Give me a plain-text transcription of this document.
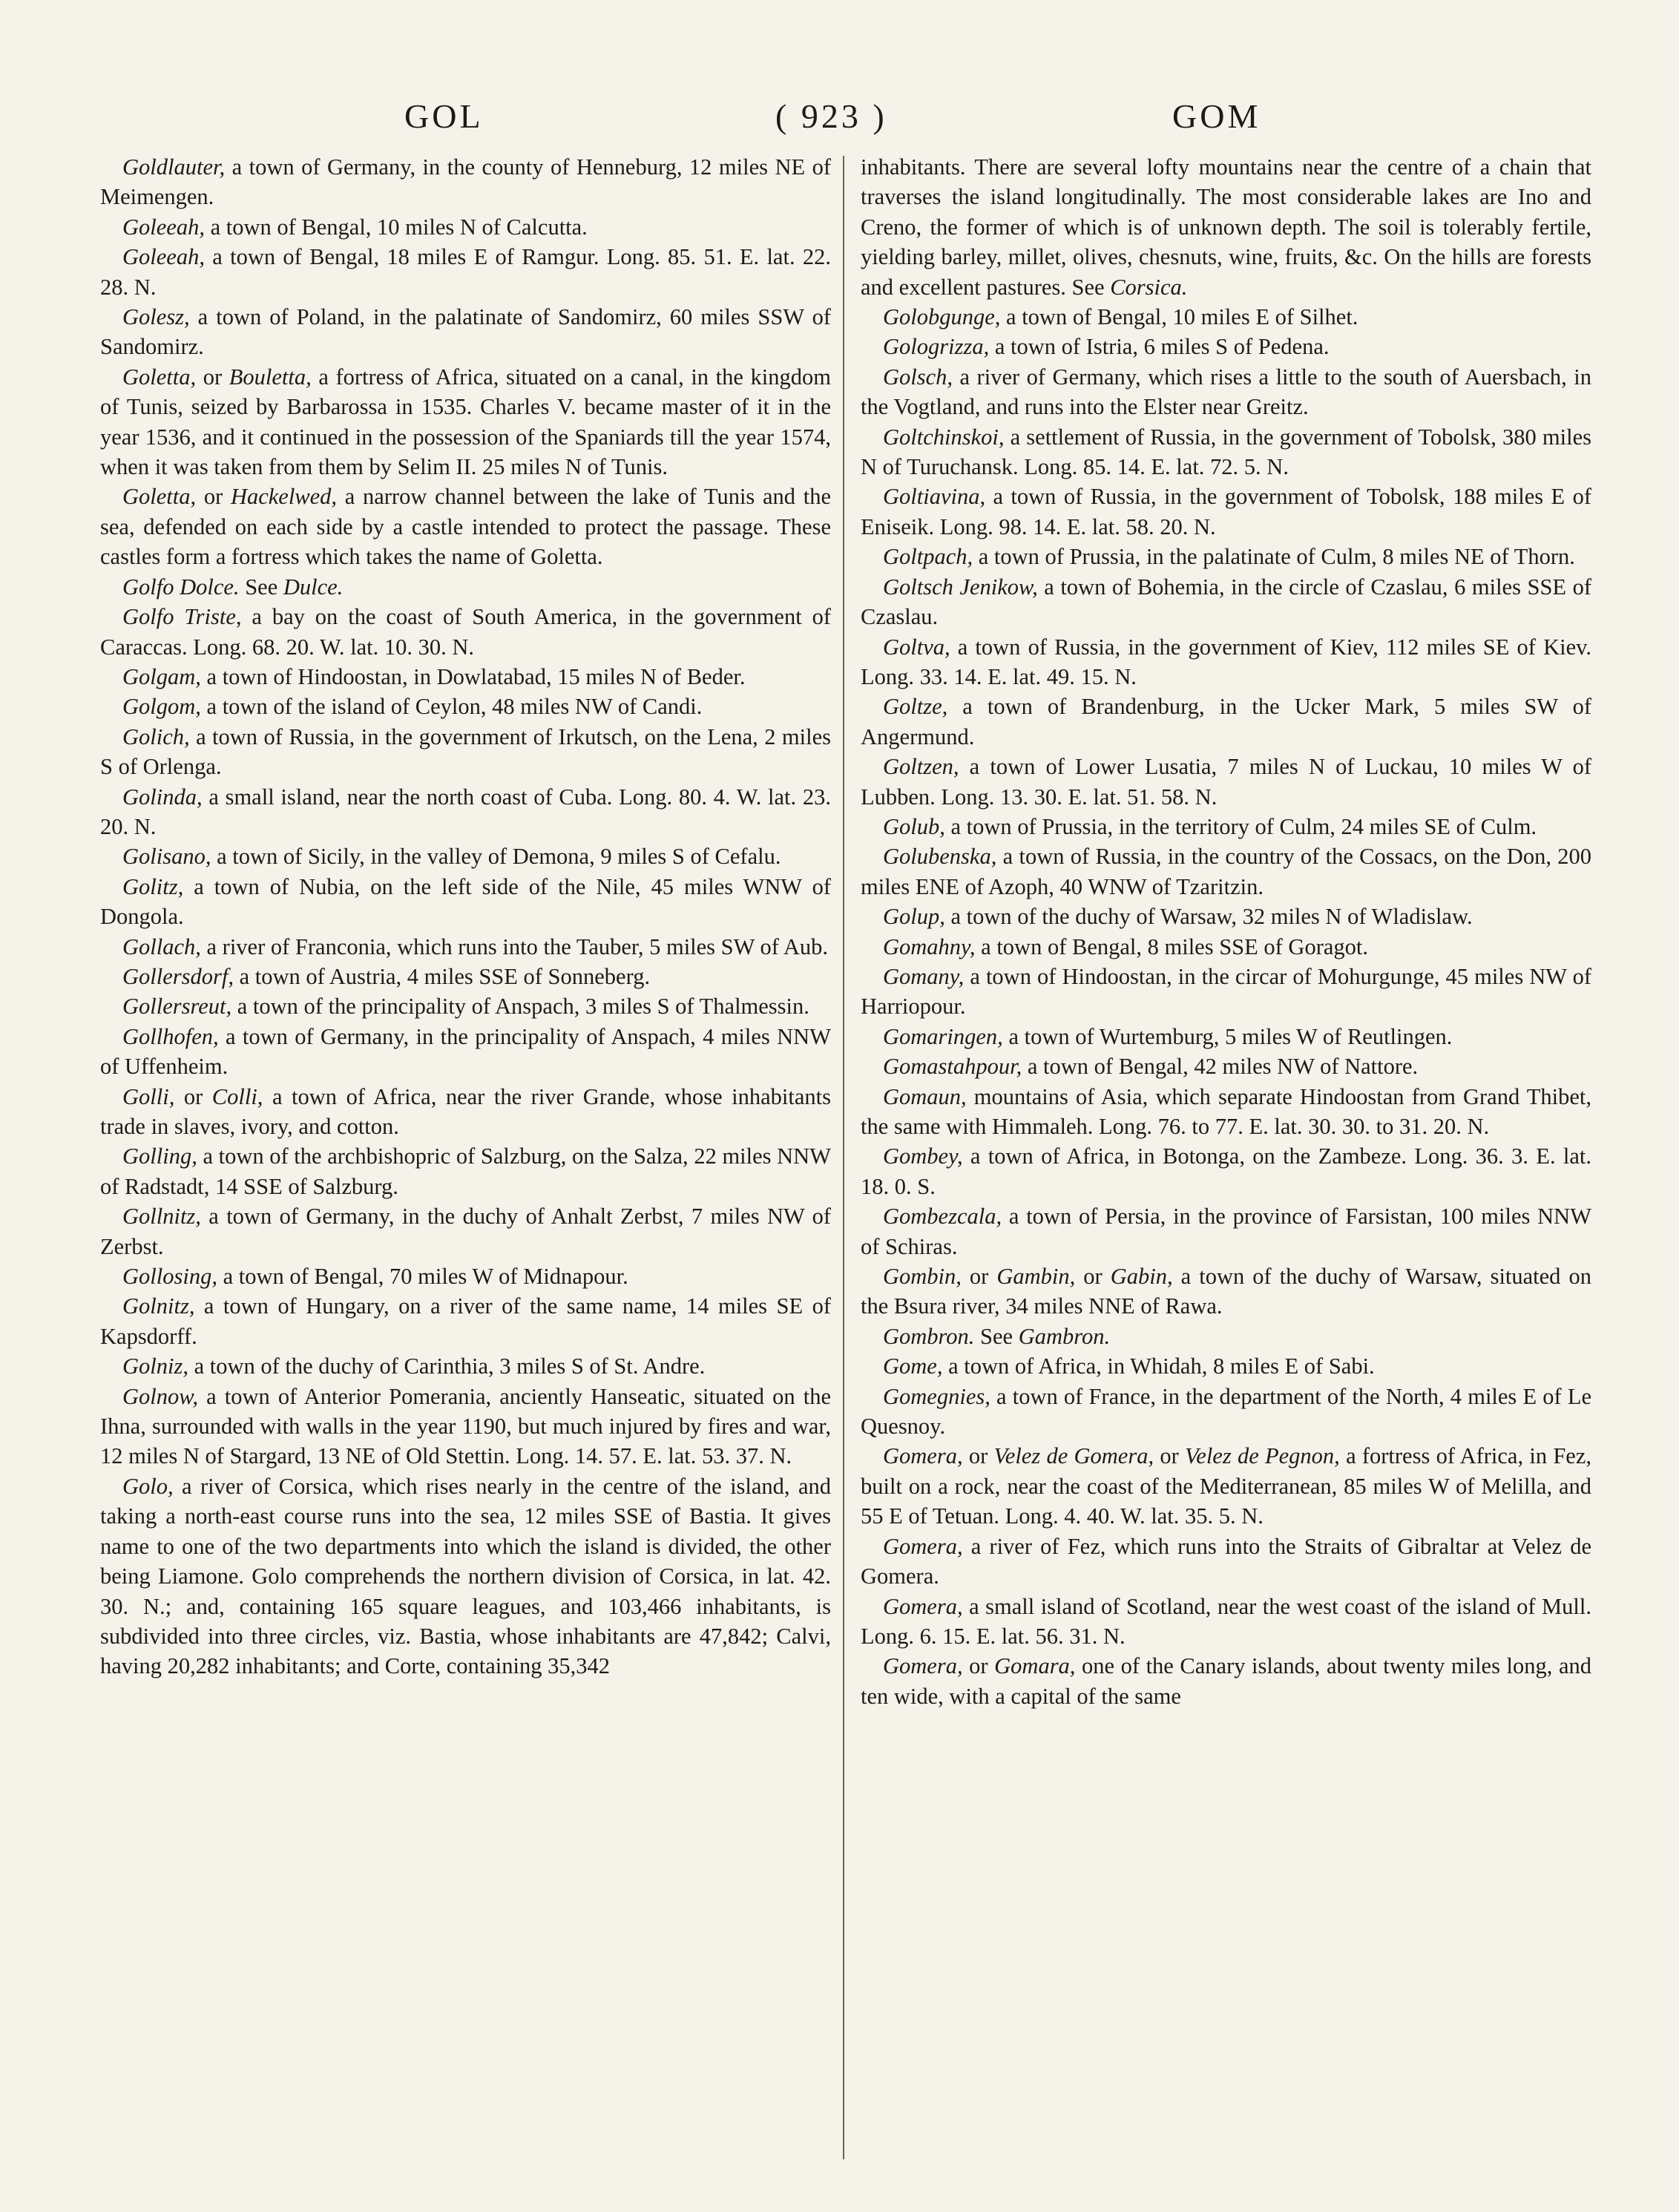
GOL	( 923 )	GOM

Goldlauter, a town of Germany, in the county of Henneburg, 12 miles NE of Meimengen.

Goleeah, a town of Bengal, 10 miles N of Calcutta.

Goleeah, a town of Bengal, 18 miles E of Ramgur. Long. 85. 51. E. lat. 22. 28. N.

Golesz, a town of Poland, in the palatinate of Sandomirz, 60 miles SSW of Sandomirz.

Goletta, or Bouletta, a fortress of Africa, situated on a canal, in the kingdom of Tunis, seized by Barbarossa in 1535. Charles V. became master of it in the year 1536, and it continued in the possession of the Spaniards till the year 1574, when it was taken from them by Selim II. 25 miles N of Tunis.

Goletta, or Hackelwed, a narrow channel between the lake of Tunis and the sea, defended on each side by a castle intended to protect the passage. These castles form a fortress which takes the name of Goletta.

Golfo Dolce. See Dulce.

Golfo Triste, a bay on the coast of South America, in the government of Caraccas. Long. 68. 20. W. lat. 10. 30. N.

Golgam, a town of Hindoostan, in Dowlatabad, 15 miles N of Beder.

Golgom, a town of the island of Ceylon, 48 miles NW of Candi.

Golich, a town of Russia, in the government of Irkutsch, on the Lena, 2 miles S of Orlenga.

Golinda, a small island, near the north coast of Cuba. Long. 80. 4. W. lat. 23. 20. N.

Golisano, a town of Sicily, in the valley of Demona, 9 miles S of Cefalu.

Golitz, a town of Nubia, on the left side of the Nile, 45 miles WNW of Dongola.

Gollach, a river of Franconia, which runs into the Tauber, 5 miles SW of Aub.

Gollersdorf, a town of Austria, 4 miles SSE of Sonneberg.

Gollersreut, a town of the principality of Anspach, 3 miles S of Thalmessin.

Gollhofen, a town of Germany, in the principality of Anspach, 4 miles NNW of Uffenheim.

Golli, or Colli, a town of Africa, near the river Grande, whose inhabitants trade in slaves, ivory, and cotton.

Golling, a town of the archbishopric of Salzburg, on the Salza, 22 miles NNW of Radstadt, 14 SSE of Salzburg.

Gollnitz, a town of Germany, in the duchy of Anhalt Zerbst, 7 miles NW of Zerbst.

Gollosing, a town of Bengal, 70 miles W of Midnapour.

Golnitz, a town of Hungary, on a river of the same name, 14 miles SE of Kapsdorff.

Golniz, a town of the duchy of Carinthia, 3 miles S of St. Andre.

Golnow, a town of Anterior Pomerania, anciently Hanseatic, situated on the Ihna, surrounded with walls in the year 1190, but much injured by fires and war, 12 miles N of Stargard, 13 NE of Old Stettin. Long. 14. 57. E. lat. 53. 37. N.

Golo, a river of Corsica, which rises nearly in the centre of the island, and taking a north-east course runs into the sea, 12 miles SSE of Bastia. It gives name to one of the two departments into which the island is divided, the other being Liamone. Golo comprehends the northern division of Corsica, in lat. 42. 30. N.; and, containing 165 square leagues, and 103,466 inhabitants, is subdivided into three circles, viz. Bastia, whose inhabitants are 47,842; Calvi, having 20,282 inhabitants; and Corte, containing 35,342

inhabitants. There are several lofty mountains near the centre of a chain that traverses the island longitudinally. The most considerable lakes are Ino and Creno, the former of which is of unknown depth. The soil is tolerably fertile, yielding barley, millet, olives, chesnuts, wine, fruits, &c. On the hills are forests and excellent pastures. See Corsica.

Golobgunge, a town of Bengal, 10 miles E of Silhet.

Gologrizza, a town of Istria, 6 miles S of Pedena.

Golsch, a river of Germany, which rises a little to the south of Auersbach, in the Vogtland, and runs into the Elster near Greitz.

Goltchinskoi, a settlement of Russia, in the government of Tobolsk, 380 miles N of Turuchansk. Long. 85. 14. E. lat. 72. 5. N.

Goltiavina, a town of Russia, in the government of Tobolsk, 188 miles E of Eniseik. Long. 98. 14. E. lat. 58. 20. N.

Goltpach, a town of Prussia, in the palatinate of Culm, 8 miles NE of Thorn.

Goltsch Jenikow, a town of Bohemia, in the circle of Czaslau, 6 miles SSE of Czaslau.

Goltva, a town of Russia, in the government of Kiev, 112 miles SE of Kiev. Long. 33. 14. E. lat. 49. 15. N.

Goltze, a town of Brandenburg, in the Ucker Mark, 5 miles SW of Angermund.

Goltzen, a town of Lower Lusatia, 7 miles N of Luckau, 10 miles W of Lubben. Long. 13. 30. E. lat. 51. 58. N.

Golub, a town of Prussia, in the territory of Culm, 24 miles SE of Culm.

Golubenska, a town of Russia, in the country of the Cossacs, on the Don, 200 miles ENE of Azoph, 40 WNW of Tzaritzin.

Golup, a town of the duchy of Warsaw, 32 miles N of Wladislaw.

Gomahny, a town of Bengal, 8 miles SSE of Goragot.

Gomany, a town of Hindoostan, in the circar of Mohurgunge, 45 miles NW of Harriopour.

Gomaringen, a town of Wurtemburg, 5 miles W of Reutlingen.

Gomastahpour, a town of Bengal, 42 miles NW of Nattore.

Gomaun, mountains of Asia, which separate Hindoostan from Grand Thibet, the same with Himmaleh. Long. 76. to 77. E. lat. 30. 30. to 31. 20. N.

Gombey, a town of Africa, in Botonga, on the Zambeze. Long. 36. 3. E. lat. 18. 0. S.

Gombezcala, a town of Persia, in the province of Farsistan, 100 miles NNW of Schiras.

Gombin, or Gambin, or Gabin, a town of the duchy of Warsaw, situated on the Bsura river, 34 miles NNE of Rawa.

Gombron. See Gambron.

Gome, a town of Africa, in Whidah, 8 miles E of Sabi.

Gomegnies, a town of France, in the department of the North, 4 miles E of Le Quesnoy.

Gomera, or Velez de Gomera, or Velez de Pegnon, a fortress of Africa, in Fez, built on a rock, near the coast of the Mediterranean, 85 miles W of Melilla, and 55 E of Tetuan. Long. 4. 40. W. lat. 35. 5. N.

Gomera, a river of Fez, which runs into the Straits of Gibraltar at Velez de Gomera.

Gomera, a small island of Scotland, near the west coast of the island of Mull. Long. 6. 15. E. lat. 56. 31. N.

Gomera, or Gomara, one of the Canary islands, about twenty miles long, and ten wide, with a capital of the same
